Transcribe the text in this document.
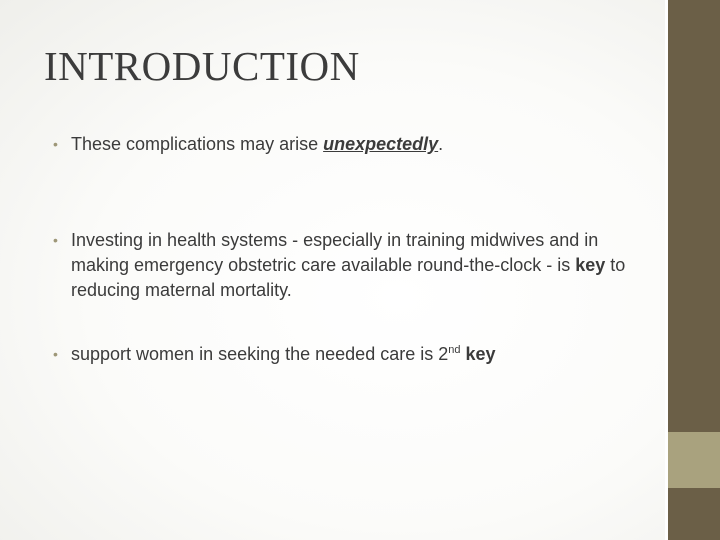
INTRODUCTION
• These complications may arise unexpectedly.
• Investing in health systems - especially in training midwives and in making emergency obstetric care available round-the-clock - is key to reducing maternal mortality.
• support women in seeking the needed care is 2nd key
